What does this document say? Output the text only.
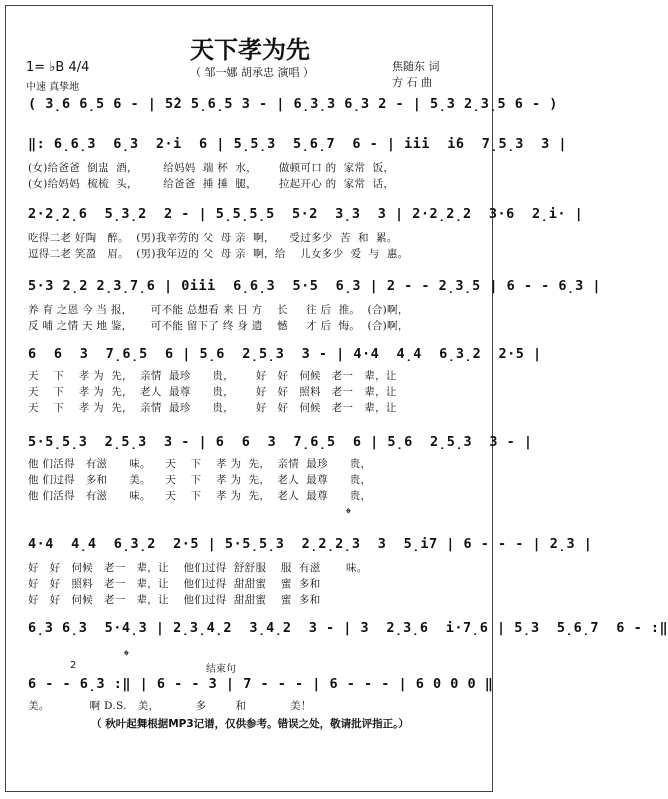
天下孝为先
（ 邹一娜 胡承忠 演唱 ）	焦随东 词
方 石 曲
1= ♭B 4/4
中速 真挚地
( 3̣6 6̣5 6 - | 5̇2 5̣6̣5 3 - | 6̣3̣3 6̣3 2 - | 5̣3 2̣3̣5 6 - )
‖: 6̣6̣3  6̣3  2·i  6 | 5̣5̣3  5̣6̣7  6 - | i̇i̇i  i̇6  7̣5̣3  3 |
(女)给爸爸  倒盅  酒，       给妈妈  端 杯  水，      做顿可口 的  家常  饭，
(女)给妈妈  梳梳  头，       给爸爸  捶 捶  腿，      拉起开心 的  家常  话，
2·2̣2̣6  5̣3̣2  2 - | 5̣5̣5̣5  5·2  3̣3  3 | 2·2̣2̣2  3·6  2̣i· |
吃得二老 好陶   醉。  (男)我辛劳的 父  母 亲  啊，    受过多少  苦  和  累。
逗得二老 笑盈   眉。  (男)我年迈的 父  母 亲  啊，给    儿女多少  爱  与  惠。
5·3 2̣2 2̣3̣7̣6 | 0i̇i̇i  6̣6̣3  5·5  6̣3 | 2 - - 2̣3̣5 | 6 - - 6̣3 |
养 育 之恩 今 当 报，     可不能 总想看 来 日 方    长     往 后  推。  (合)啊，
反 哺 之情 天 地 鉴，     可不能 留下了 终 身 遗    憾     才 后  悔。  (合)啊，
6  6  3  7̣6̣5  6 | 5̣6  2̣5̣3  3 - | 4·4  4̣4  6̣3̣2  2·5 |
天    下    孝 为  先，  亲情  最珍      贵，      好   好   伺候   老一   辈，让
天    下    孝 为  先，  老人  最尊      贵，      好   好   照料   老一   辈，让
天    下    孝 为  先，  亲情  最珍      贵，      好   好   伺候   老一   辈，让
5·5̣5̣3  2̣5̣3  3 - | 6  6  3  7̣6̣5  6 | 5̣6  2̣5̣3  3 - |
他 们活得   有滋      味。    天    下    孝 为  先，  亲情  最珍      贵，
他 们过得   多和      美。    天    下    孝 为  先，  老人  最尊      贵，
他 们活得   有滋      味。    天    下    孝 为  先，  老人  最尊      贵，
𝄌
4·4  4̣4  6̣3̣2  2·5 | 5·5̣5̣3  2̣2̣2̣3  3  5̣i7 | 6 - - - | 2̣3 |
好   好   伺候   老一   辈，让    他们过得  舒舒服    服  有滋       味。
好   好   照料   老一   辈，让    他们过得  甜甜蜜    蜜  多和
好   好   伺候   老一   辈，让    他们过得  甜甜蜜    蜜  多和
6̣3 6̣3  5·4̣3 | 2̣3̣4̣2  3̣4̣2  3 - | 3  2̣3̣6  i·7̣6 | 5̣3  5̣6̣7  6 - :‖
2	结束句
𝄌
6 - - 6̣3 :‖ | 6 - - 3 | 7 - - - | 6 - - - | 6 0 0 0 ‖
美。           啊 D.S.   美，          多        和            美！
（ 秋叶起舞根据MP3记谱，仅供参考。错误之处，敬请批评指正。）
